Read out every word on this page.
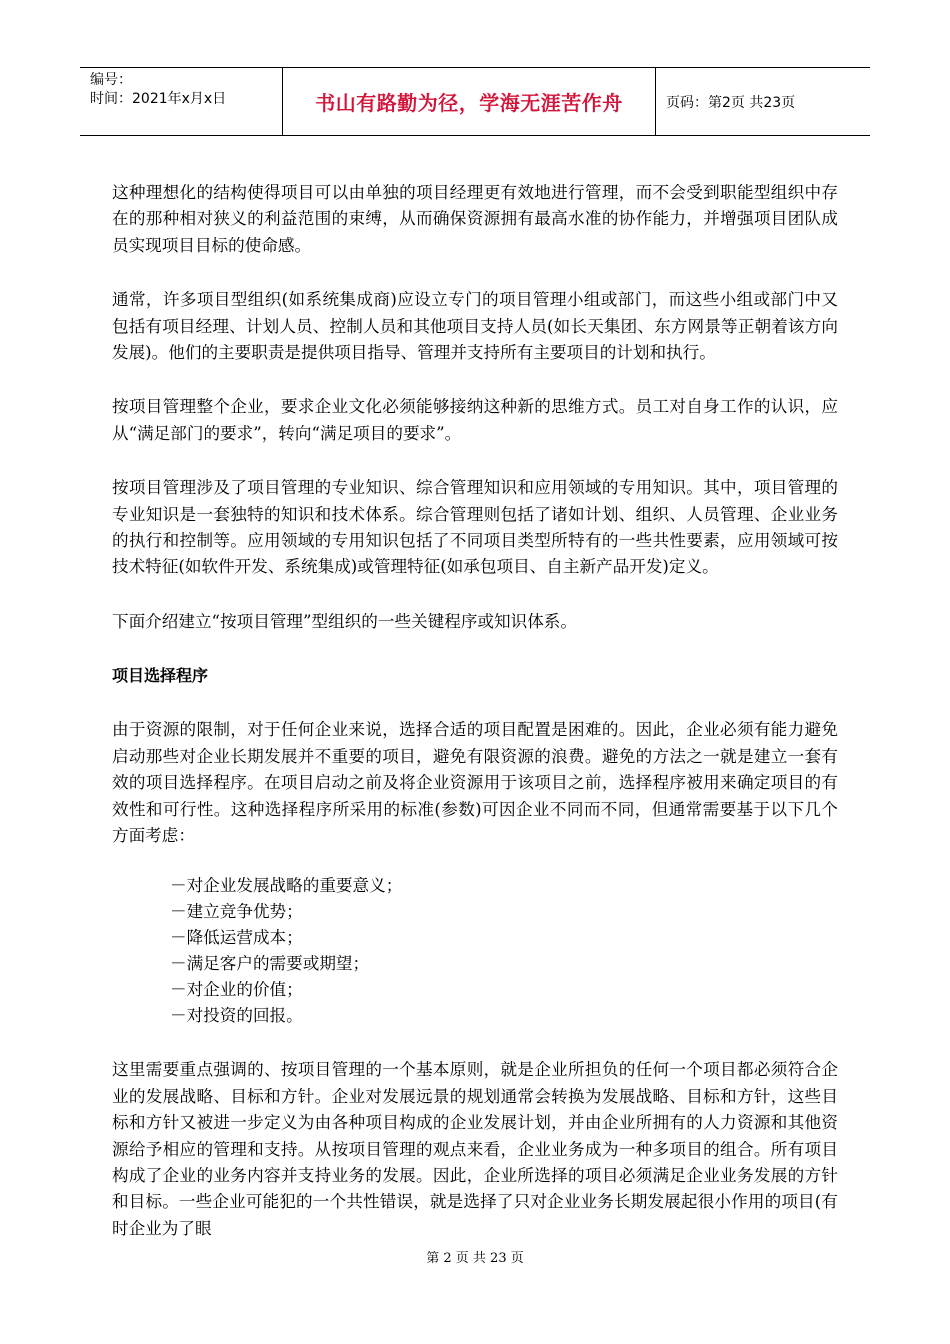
编号：
时间：2021年x月x日	书山有路勤为径，学海无涯苦作舟	页码：第2页 共23页

这种理想化的结构使得项目可以由单独的项目经理更有效地进行管理，而不会受到职能型组织中存在的那种相对狭义的利益范围的束缚，从而确保资源拥有最高水准的协作能力，并增强项目团队成员实现项目目标的使命感。

通常，许多项目型组织(如系统集成商)应设立专门的项目管理小组或部门，而这些小组或部门中又包括有项目经理、计划人员、控制人员和其他项目支持人员(如长天集团、东方网景等正朝着该方向发展)。他们的主要职责是提供项目指导、管理并支持所有主要项目的计划和执行。

按项目管理整个企业，要求企业文化必须能够接纳这种新的思维方式。员工对自身工作的认识，应从“满足部门的要求”，转向“满足项目的要求”。

按项目管理涉及了项目管理的专业知识、综合管理知识和应用领域的专用知识。其中，项目管理的专业知识是一套独特的知识和技术体系。综合管理则包括了诸如计划、组织、人员管理、企业业务的执行和控制等。应用领域的专用知识包括了不同项目类型所特有的一些共性要素，应用领域可按技术特征(如软件开发、系统集成)或管理特征(如承包项目、自主新产品开发)定义。

下面介绍建立“按项目管理”型组织的一些关键程序或知识体系。

项目选择程序

由于资源的限制，对于任何企业来说，选择合适的项目配置是困难的。因此，企业必须有能力避免启动那些对企业长期发展并不重要的项目，避免有限资源的浪费。避免的方法之一就是建立一套有效的项目选择程序。在项目启动之前及将企业资源用于该项目之前，选择程序被用来确定项目的有效性和可行性。这种选择程序所采用的标准(参数)可因企业不同而不同，但通常需要基于以下几个方面考虑：

－对企业发展战略的重要意义；
－建立竞争优势；
－降低运营成本；
－满足客户的需要或期望；
－对企业的价值；
－对投资的回报。

这里需要重点强调的、按项目管理的一个基本原则，就是企业所担负的任何一个项目都必须符合企业的发展战略、目标和方针。企业对发展远景的规划通常会转换为发展战略、目标和方针，这些目标和方针又被进一步定义为由各种项目构成的企业发展计划，并由企业所拥有的人力资源和其他资源给予相应的管理和支持。从按项目管理的观点来看，企业业务成为一种多项目的组合。所有项目构成了企业的业务内容并支持业务的发展。因此，企业所选择的项目必须满足企业业务发展的方针和目标。一些企业可能犯的一个共性错误，就是选择了只对企业业务长期发展起很小作用的项目(有时企业为了眼

第 2 页 共 23 页
